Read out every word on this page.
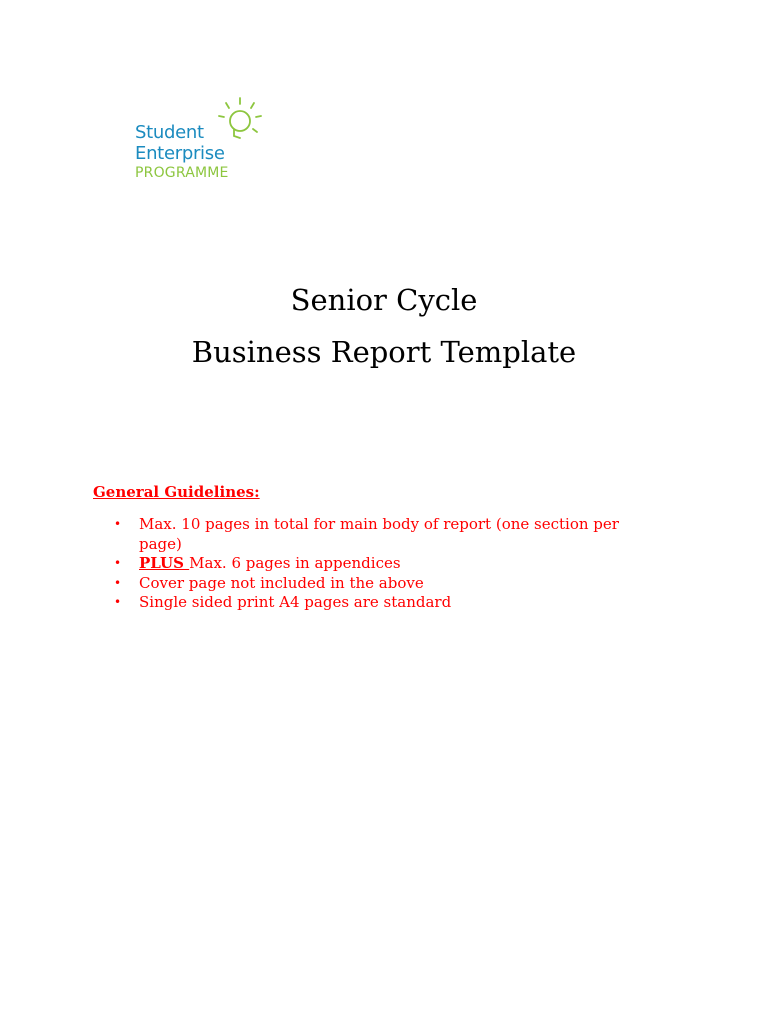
Student
Enterprise
PROGRAMME
Senior Cycle
Business Report Template
General Guidelines:
• Max. 10 pages in total for main body of report (one section per page)
• PLUS Max. 6 pages in appendices
• Cover page not included in the above
• Single sided print A4 pages are standard
